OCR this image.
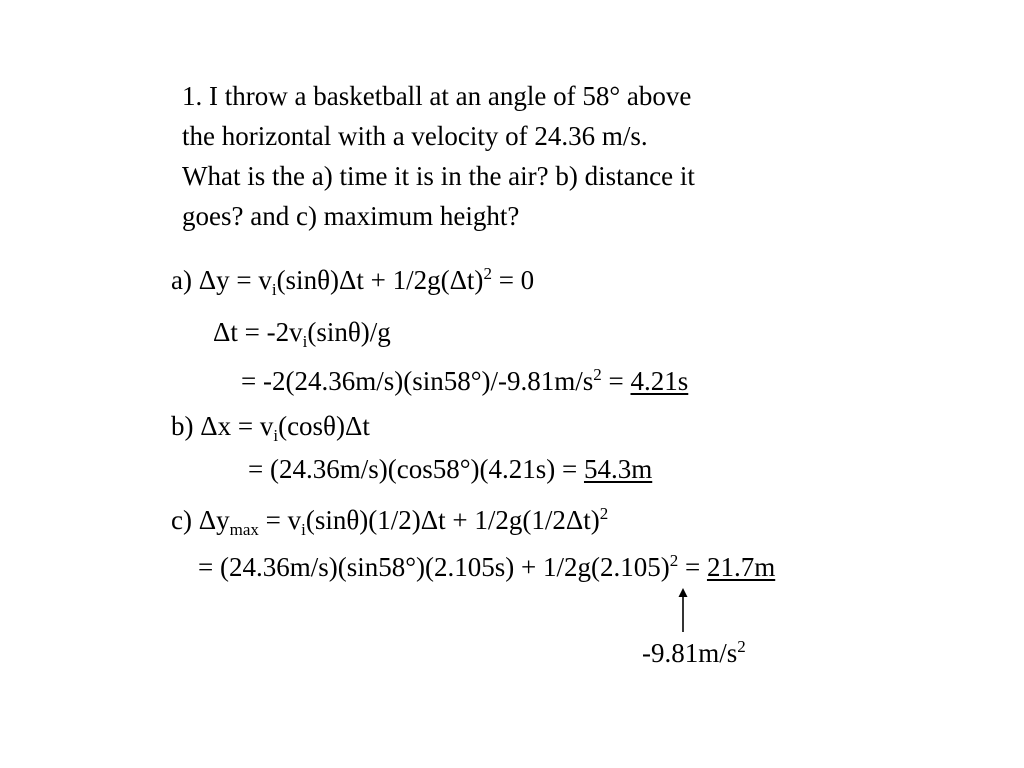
1. I throw a basketball at an angle of 58° above
the horizontal with a velocity of 24.36 m/s.
What is the a) time it is in the air? b) distance it
goes? and c) maximum height?
a) $\Delta y = v_i(\sin\theta)\Delta t + 1/2g(\Delta t)^2 = 0$
$\Delta t = -2v_i(\sin\theta)/g$
= $-2(24.36m/s)(\sin 58^\circ)/-9.81m/s^2 = 4.21s$
b) $\Delta x = v_i(\cos\theta)\Delta t$
= (24.36m/s)(cos58°)(4.21s) = 54.3m
c) $\Delta y_{max} = v_i(\sin\theta)(1/2)\Delta t + 1/2g(1/2\Delta t)^2$
= $(24.36m/s)(\sin 58^\circ)(2.105s) + 1/2g(2.105)^2 = 21.7m$
$-9.81m/s^2$
